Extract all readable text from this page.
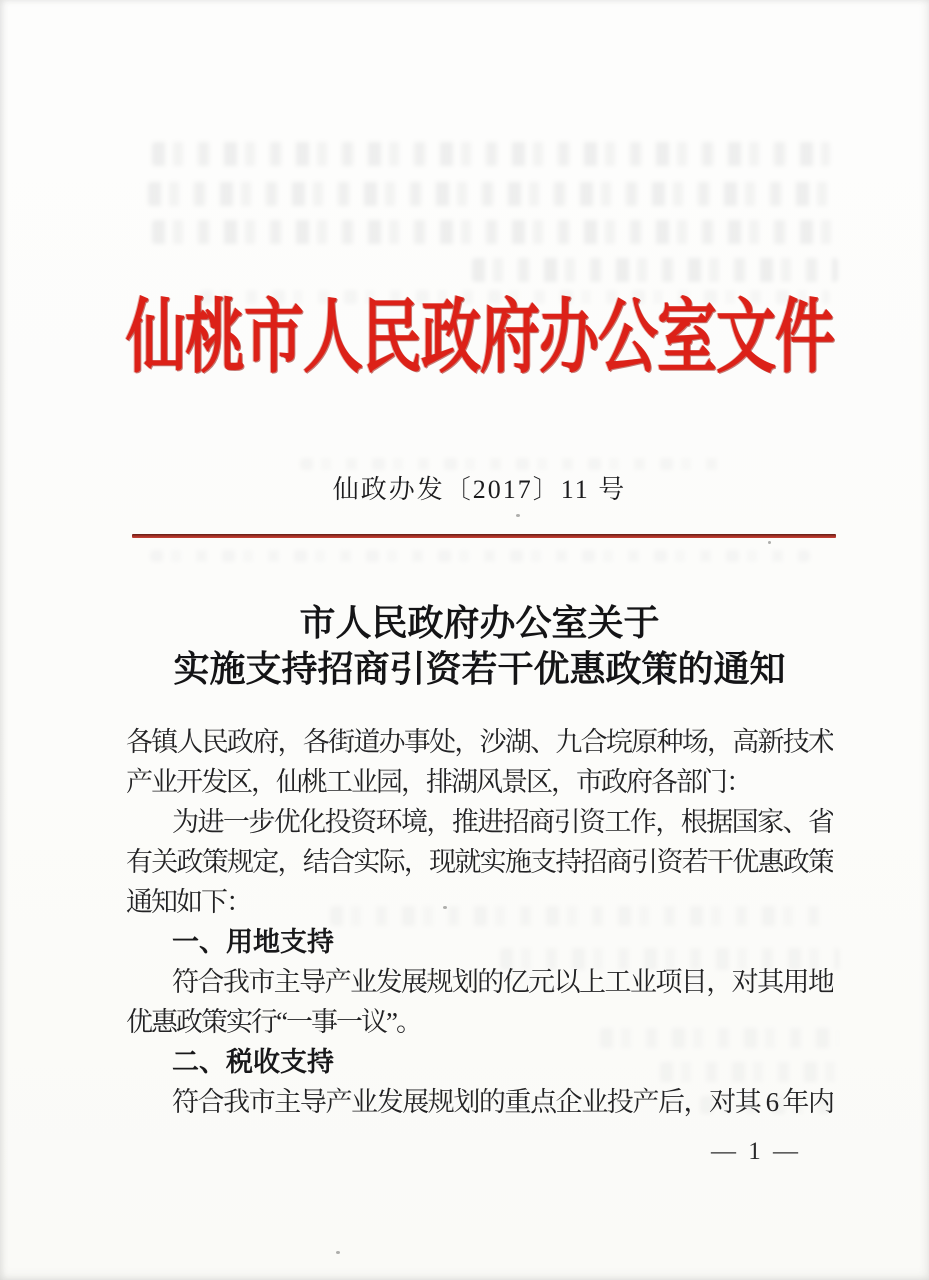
仙桃市人民政府办公室文件
仙政办发〔2017〕11 号
市人民政府办公室关于
实施支持招商引资若干优惠政策的通知

各镇人民政府，各街道办事处，沙湖、九合垸原种场，高新技术

产业开发区，仙桃工业园，排湖风景区，市政府各部门：

为进一步优化投资环境，推进招商引资工作，根据国家、省

有关政策规定，结合实际，现就实施支持招商引资若干优惠政策

通知如下：

一、用地支持

符合我市主导产业发展规划的亿元以上工业项目，对其用地

优惠政策实行“一事一议”。

二、税收支持

符合我市主导产业发展规划的重点企业投产后，对其 6 年内

— 1 —
